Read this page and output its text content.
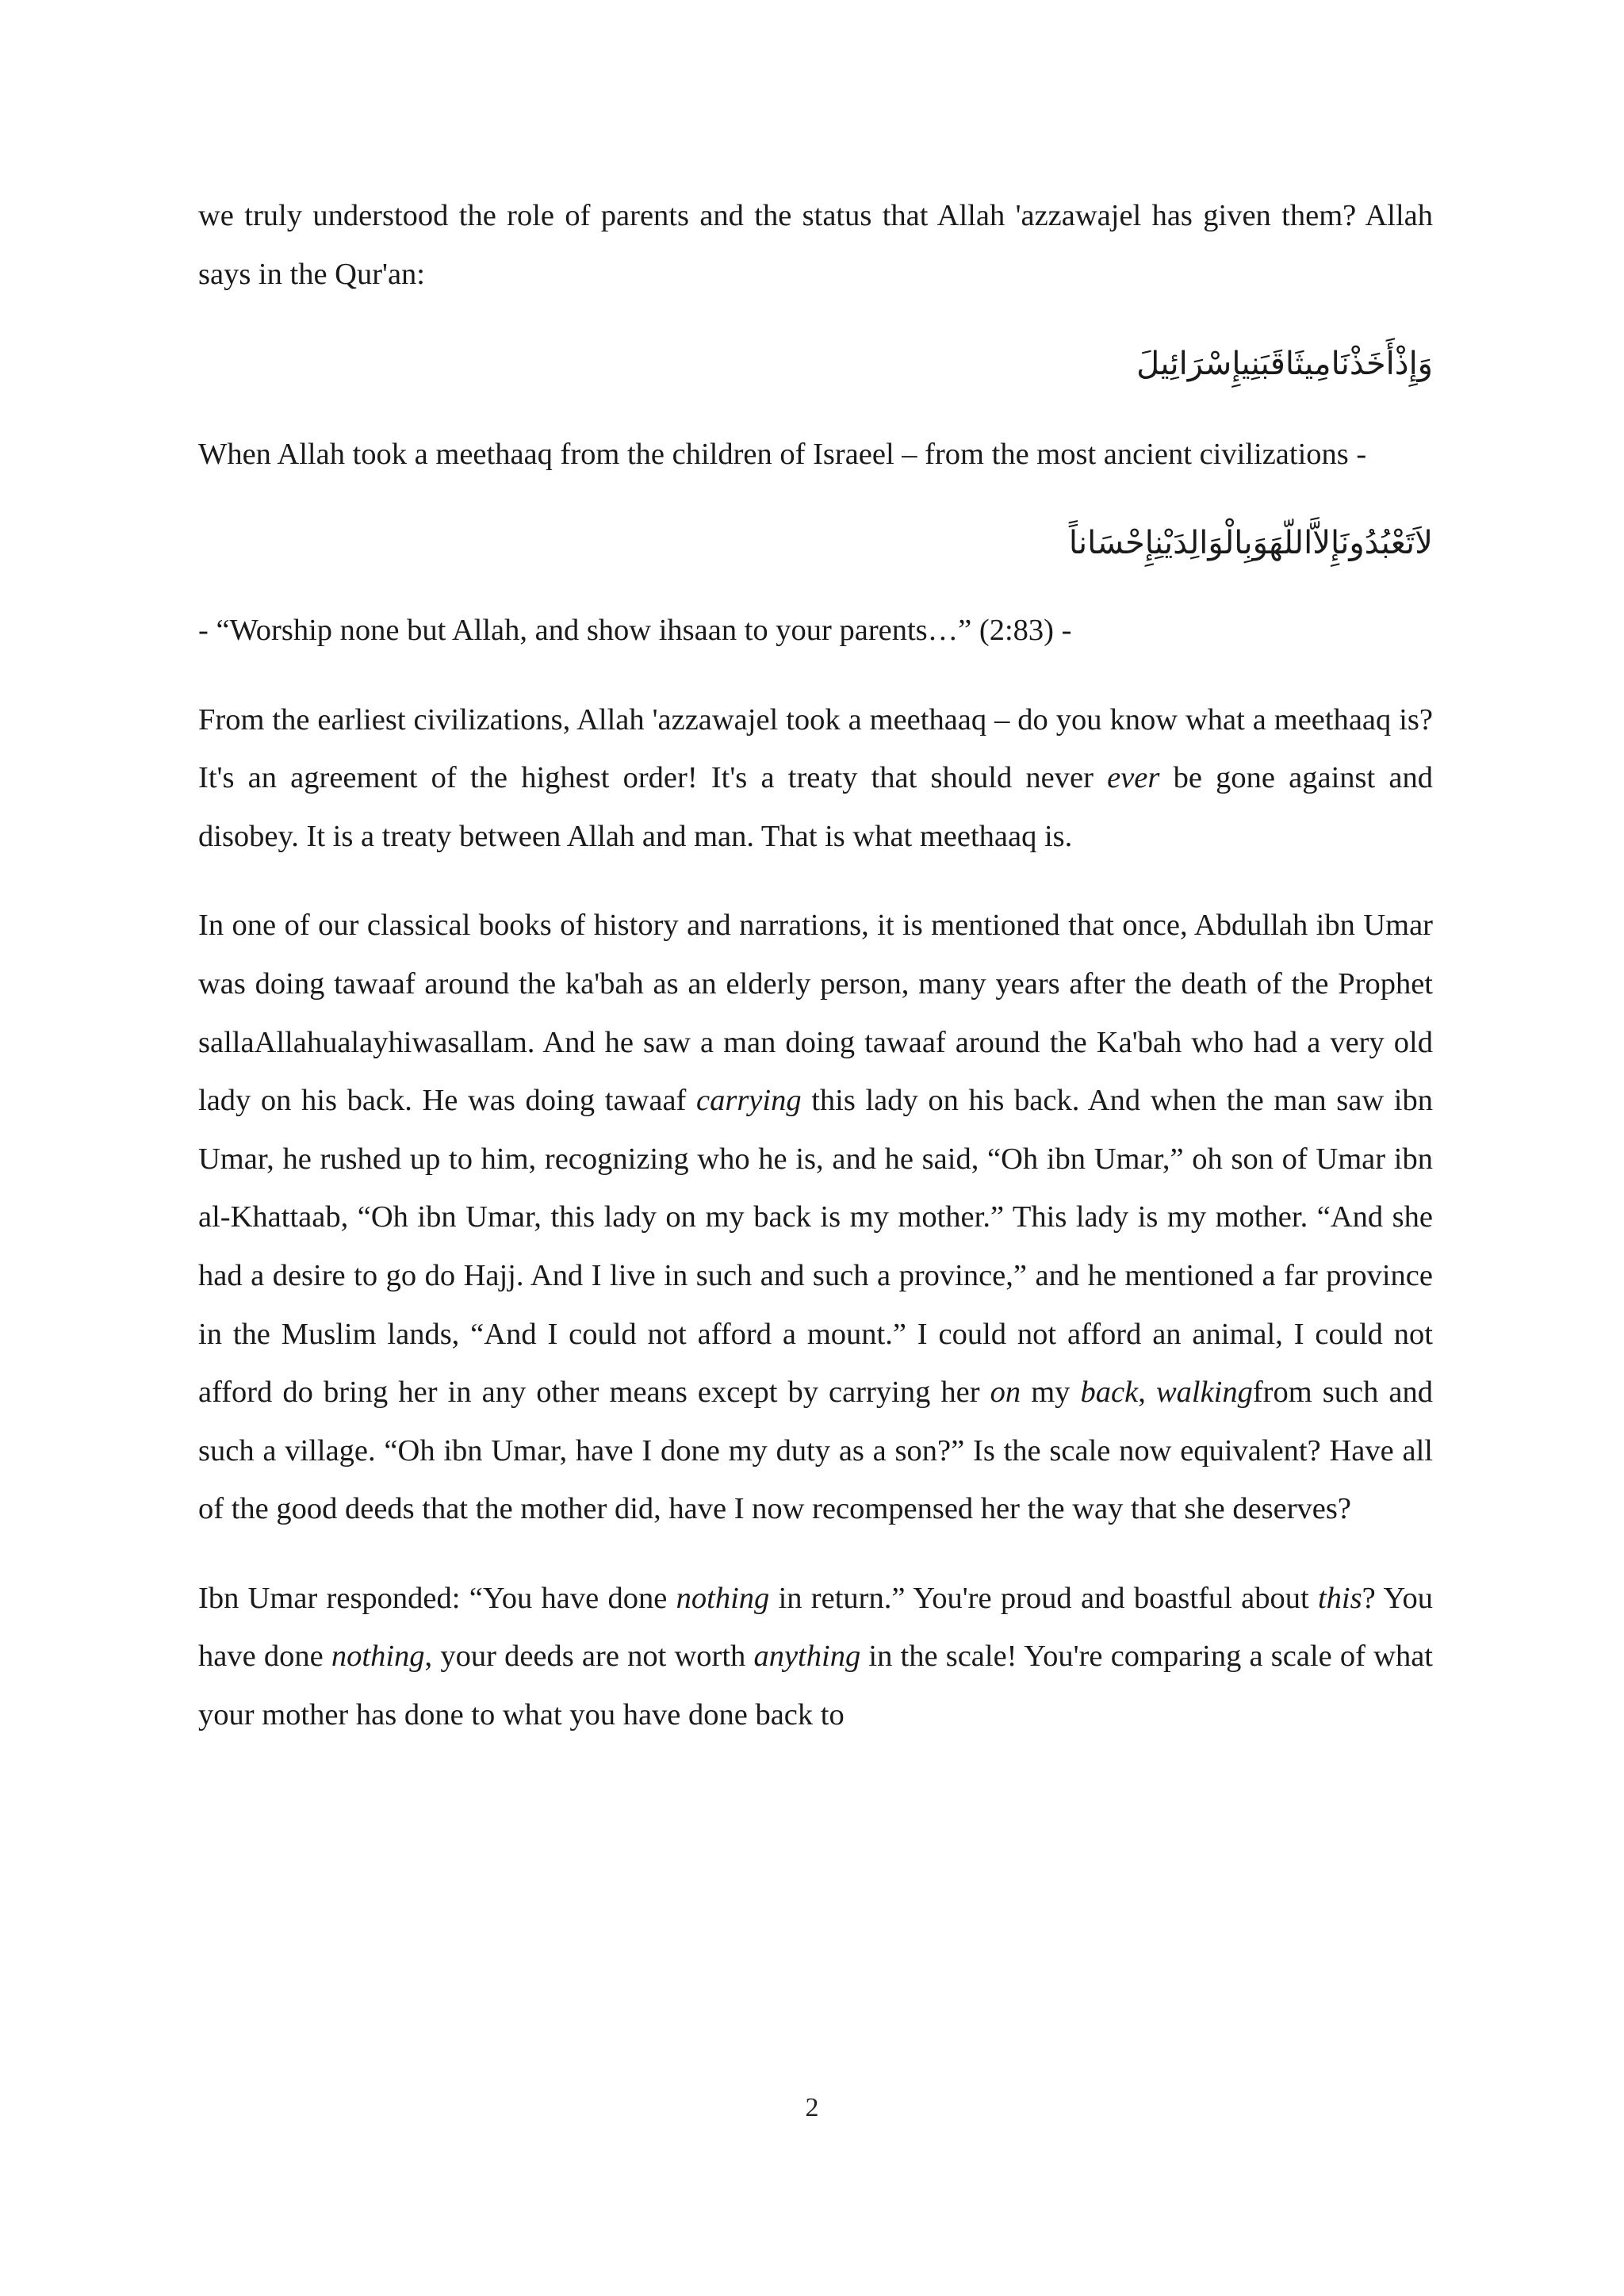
we truly understood the role of parents and the status that Allah 'azzawajel has given them? Allah says in the Qur'an:

وَإِذْأَخَذْنَامِيثَاقَبَنِيإِسْرَائِيلَ

When Allah took a meethaaq from the children of Israeel – from the most ancient civilizations -

لاَتَعْبُدُونَإِلاَّاللّهَوَبِالْوَالِدَيْنِإِحْسَاناً

- “Worship none but Allah, and show ihsaan to your parents…” (2:83) -

From the earliest civilizations, Allah 'azzawajel took a meethaaq – do you know what a meethaaq is? It's an agreement of the highest order! It's a treaty that should never ever be gone against and disobey. It is a treaty between Allah and man. That is what meethaaq is.

In one of our classical books of history and narrations, it is mentioned that once, Abdullah ibn Umar was doing tawaaf around the ka'bah as an elderly person, many years after the death of the Prophet sallaAllahualayhiwasallam. And he saw a man doing tawaaf around the Ka'bah who had a very old lady on his back. He was doing tawaaf carrying this lady on his back. And when the man saw ibn Umar, he rushed up to him, recognizing who he is, and he said, “Oh ibn Umar,” oh son of Umar ibn al-Khattaab, “Oh ibn Umar, this lady on my back is my mother.” This lady is my mother. “And she had a desire to go do Hajj. And I live in such and such a province,” and he mentioned a far province in the Muslim lands, “And I could not afford a mount.” I could not afford an animal, I could not afford do bring her in any other means except by carrying her on my back, walkingfrom such and such a village. “Oh ibn Umar, have I done my duty as a son?” Is the scale now equivalent? Have all of the good deeds that the mother did, have I now recompensed her the way that she deserves?

Ibn Umar responded: “You have done nothing in return.” You're proud and boastful about this? You have done nothing, your deeds are not worth anything in the scale! You're comparing a scale of what your mother has done to what you have done back to

2
